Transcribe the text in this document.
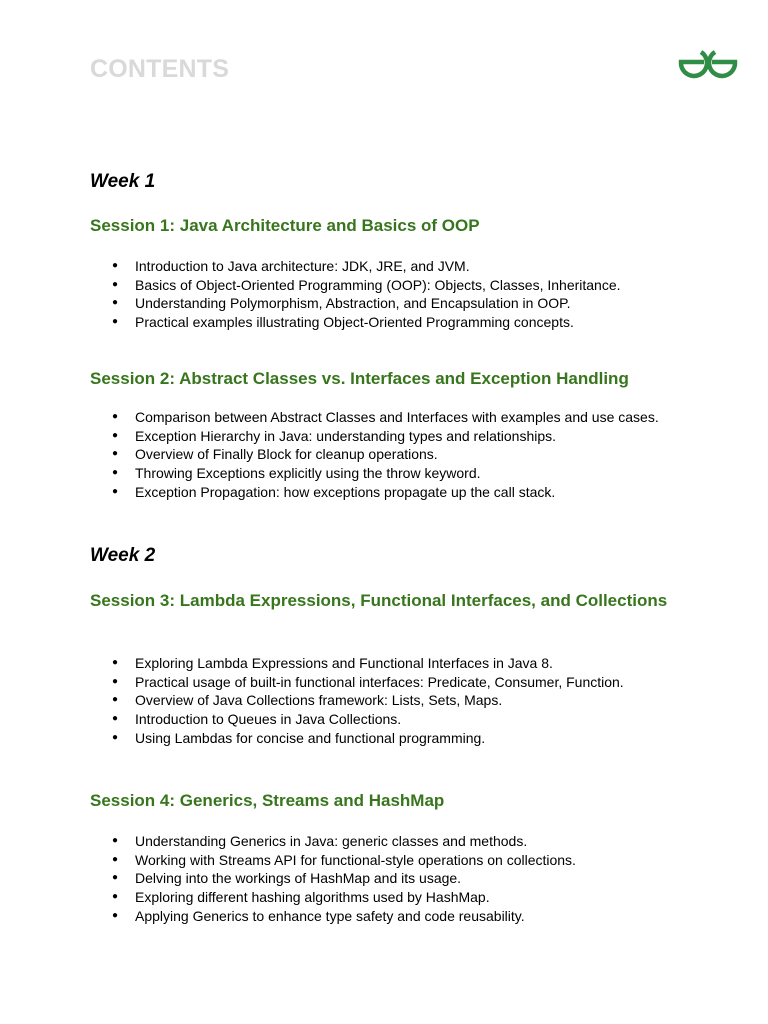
CONTENTS
Week 1
Session 1: Java Architecture and Basics of OOP
● Introduction to Java architecture: JDK, JRE, and JVM.
● Basics of Object-Oriented Programming (OOP): Objects, Classes, Inheritance.
● Understanding Polymorphism, Abstraction, and Encapsulation in OOP.
● Practical examples illustrating Object-Oriented Programming concepts.
Session 2: Abstract Classes vs. Interfaces and Exception Handling
● Comparison between Abstract Classes and Interfaces with examples and use cases.
● Exception Hierarchy in Java: understanding types and relationships.
● Overview of Finally Block for cleanup operations.
● Throwing Exceptions explicitly using the throw keyword.
● Exception Propagation: how exceptions propagate up the call stack.
Week 2
Session 3: Lambda Expressions, Functional Interfaces, and Collections
● Exploring Lambda Expressions and Functional Interfaces in Java 8.
● Practical usage of built-in functional interfaces: Predicate, Consumer, Function.
● Overview of Java Collections framework: Lists, Sets, Maps.
● Introduction to Queues in Java Collections.
● Using Lambdas for concise and functional programming.
Session 4: Generics, Streams and HashMap
● Understanding Generics in Java: generic classes and methods.
● Working with Streams API for functional-style operations on collections.
● Delving into the workings of HashMap and its usage.
● Exploring different hashing algorithms used by HashMap.
● Applying Generics to enhance type safety and code reusability.
